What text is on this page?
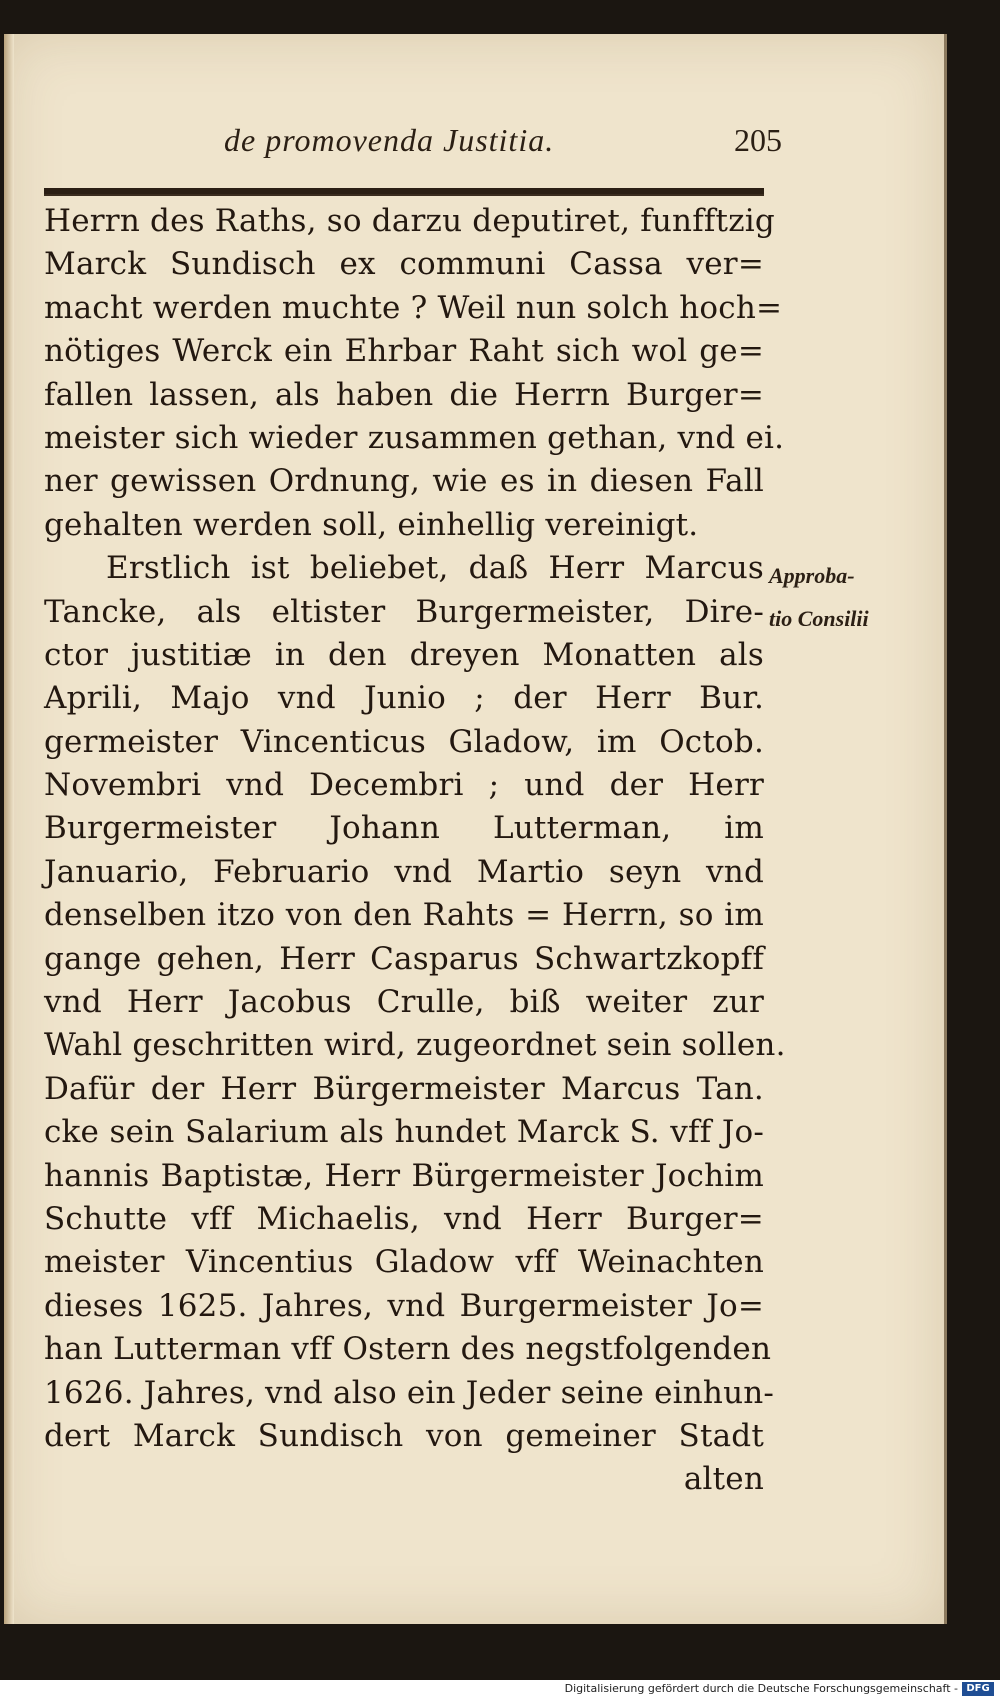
de promovenda Justitia.	205
Herrn des Raths, so darzu deputiret, funfftzig
Marck Sundisch ex communi Cassa ver=
macht werden muchte ? Weil nun solch hoch=
nötiges Werck ein Ehrbar Raht sich wol ge=
fallen lassen, als haben die Herrn Burger=
meister sich wieder zusammen gethan, vnd ei.
ner gewissen Ordnung, wie es in diesen Fall
gehalten werden soll, einhellig vereinigt.
Erstlich ist beliebet, daß Herr Marcus
Tancke, als eltister Burgermeister, Dire-
ctor justitiæ in den dreyen Monatten als
Aprili, Majo vnd Junio ; der Herr Bur.
germeister Vincenticus Gladow, im Octob.
Novembri vnd Decembri ; und der Herr
Burgermeister Johann Lutterman, im
Januario, Februario vnd Martio seyn vnd
denselben itzo von den Rahts = Herrn, so im
gange gehen, Herr Casparus Schwartzkopff
vnd Herr Jacobus Crulle, biß weiter zur
Wahl geschritten wird, zugeordnet sein sollen.
Dafür der Herr Bürgermeister Marcus Tan.
cke sein Salarium als hundet Marck S. vff Jo-
hannis Baptistæ, Herr Bürgermeister Jochim
Schutte vff Michaelis, vnd Herr Burger=
meister Vincentius Gladow vff Weinachten
dieses 1625. Jahres, vnd Burgermeister Jo=
han Lutterman vff Ostern des negstfolgenden
1626. Jahres, vnd also ein Jeder seine einhun-
dert Marck Sundisch von gemeiner Stadt
alten
Approba-
tio Consilii
Digitalisierung gefördert durch die Deutsche Forschungsgemeinschaft - DFG
